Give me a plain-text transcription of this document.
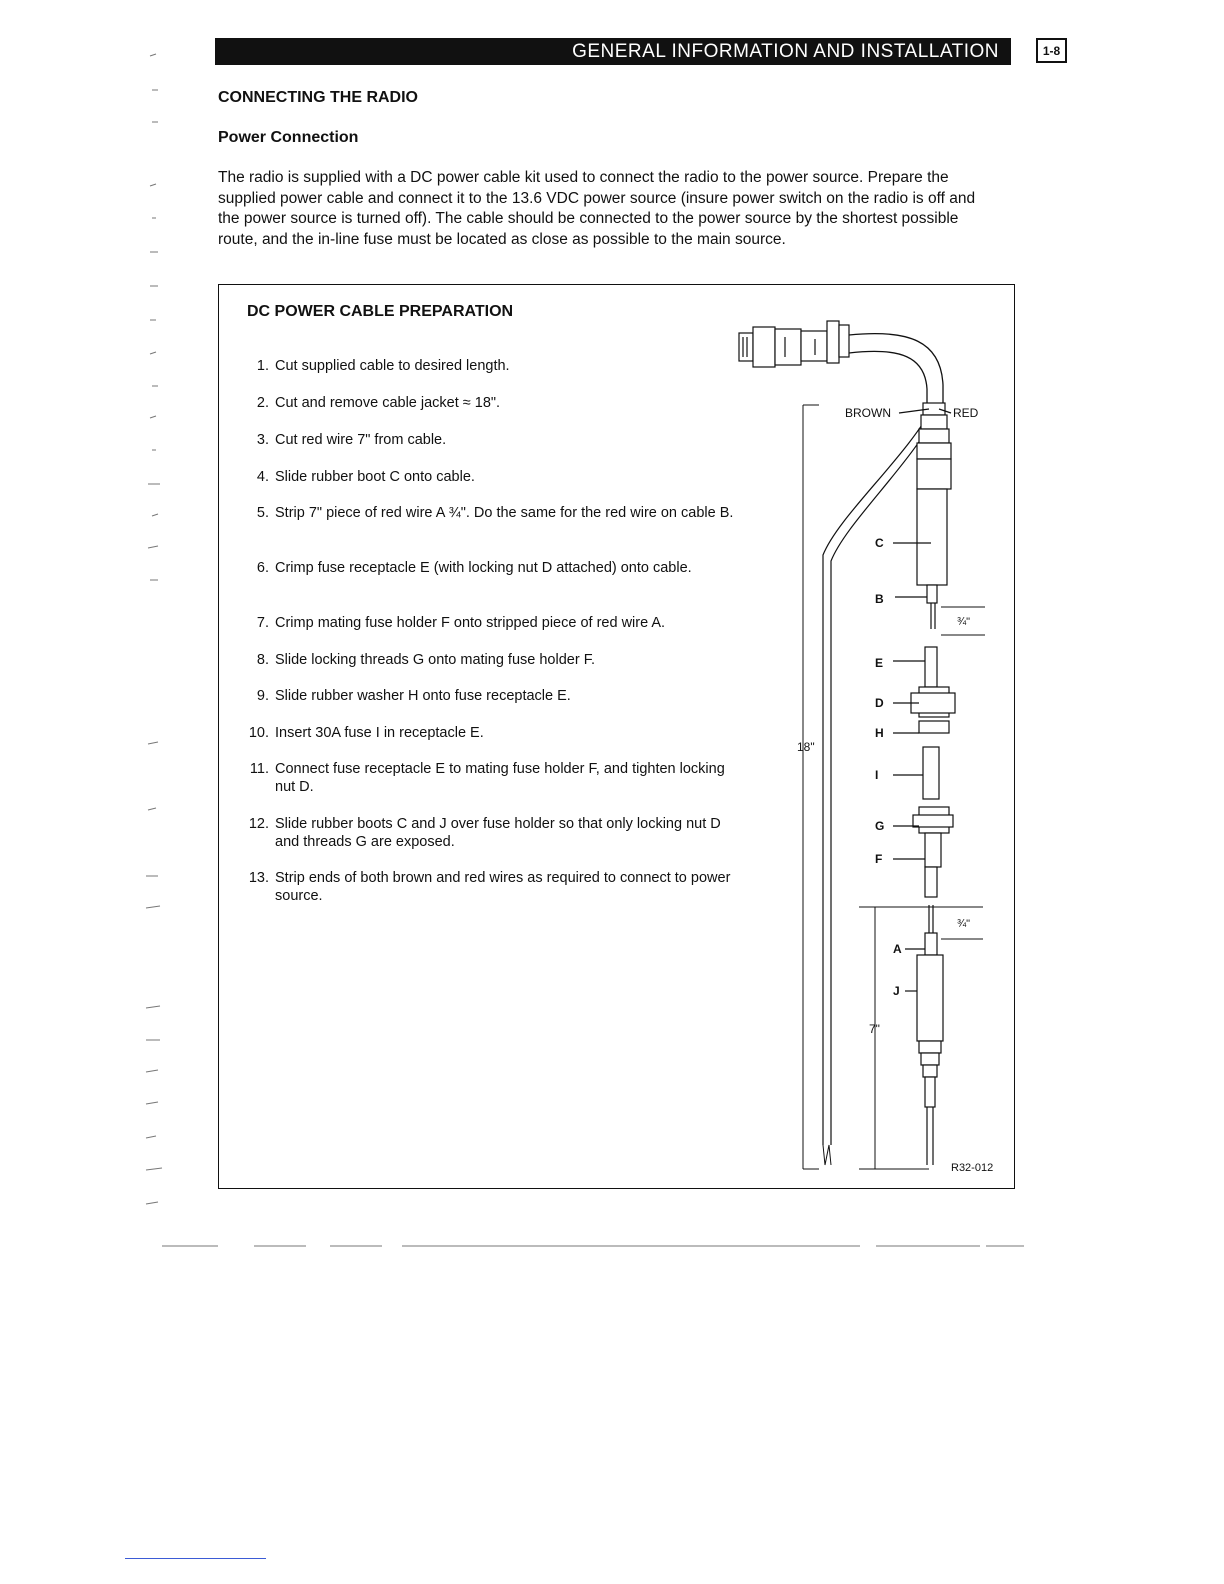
GENERAL INFORMATION AND INSTALLATION	1-8
CONNECTING THE RADIO
Power Connection

The radio is supplied with a DC power cable kit used to connect the radio to the power source. Prepare the supplied power cable and connect it to the 13.6 VDC power source (insure power switch on the radio is off and the power source is turned off). The cable should be connected to the power source by the shortest possible route, and the in-line fuse must be located as close as possible to the main source.

DC POWER CABLE PREPARATION
1. Cut supplied cable to desired length.
2. Cut and remove cable jacket ≈ 18".
3. Cut red wire 7" from cable.
4. Slide rubber boot C onto cable.
5. Strip 7" piece of red wire A ¾". Do the same for the red wire on cable B.
6. Crimp fuse receptacle E (with locking nut D attached) onto cable.
7. Crimp mating fuse holder F onto stripped piece of red wire A.
8. Slide locking threads G onto mating fuse holder F.
9. Slide rubber washer H onto fuse receptacle E.
10. Insert 30A fuse I in receptacle E.
11. Connect fuse receptacle E to mating fuse holder F, and tighten locking nut D.
12. Slide rubber boots C and J over fuse holder so that only locking nut D and threads G are exposed.
13. Strip ends of both brown and red wires as required to connect to power source.
BROWN	RED
C
B
E
D
H
I
G
F
A
J
18"
7"
¾"
¾"
R32-012
